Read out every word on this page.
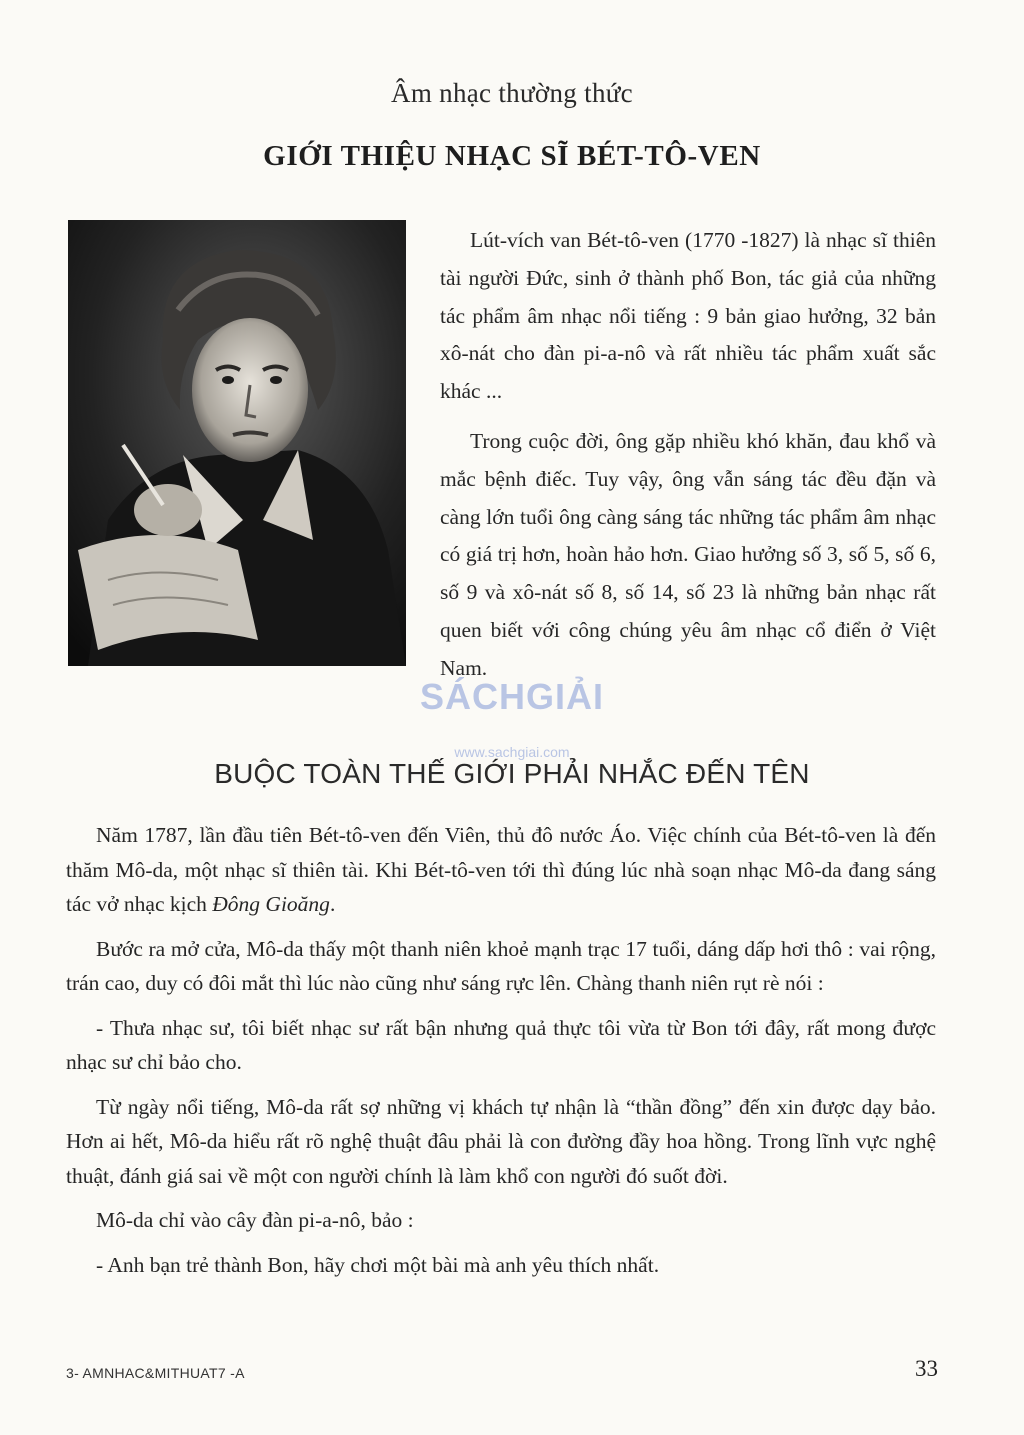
Âm nhạc thường thức
GIỚI THIỆU NHẠC SĨ BÉT-TÔ-VEN

Lút-vích van Bét-tô-ven (1770 -1827) là nhạc sĩ thiên tài người Đức, sinh ở thành phố Bon, tác giả của những tác phẩm âm nhạc nổi tiếng : 9 bản giao hưởng, 32 bản xô-nát cho đàn pi-a-nô và rất nhiều tác phẩm xuất sắc khác ...

Trong cuộc đời, ông gặp nhiều khó khăn, đau khổ và mắc bệnh điếc. Tuy vậy, ông vẫn sáng tác đều đặn và càng lớn tuổi ông càng sáng tác những tác phẩm âm nhạc có giá trị hơn, hoàn hảo hơn. Giao hưởng số 3, số 5, số 6, số 9 và xô-nát số 8, số 14, số 23 là những bản nhạc rất quen biết với công chúng yêu âm nhạc cổ điển ở Việt Nam.

SÁCHGIẢI
www.sachgiai.com
BUỘC TOÀN THẾ GIỚI PHẢI NHẮC ĐẾN TÊN

Năm 1787, lần đầu tiên Bét-tô-ven đến Viên, thủ đô nước Áo. Việc chính của Bét-tô-ven là đến thăm Mô-da, một nhạc sĩ thiên tài. Khi Bét-tô-ven tới thì đúng lúc nhà soạn nhạc Mô-da đang sáng tác vở nhạc kịch Đông Gioăng.

Bước ra mở cửa, Mô-da thấy một thanh niên khoẻ mạnh trạc 17 tuổi, dáng dấp hơi thô : vai rộng, trán cao, duy có đôi mắt thì lúc nào cũng như sáng rực lên. Chàng thanh niên rụt rè nói :

- Thưa nhạc sư, tôi biết nhạc sư rất bận nhưng quả thực tôi vừa từ Bon tới đây, rất mong được nhạc sư chỉ bảo cho.

Từ ngày nổi tiếng, Mô-da rất sợ những vị khách tự nhận là “thần đồng” đến xin được dạy bảo. Hơn ai hết, Mô-da hiểu rất rõ nghệ thuật đâu phải là con đường đầy hoa hồng. Trong lĩnh vực nghệ thuật, đánh giá sai về một con người chính là làm khổ con người đó suốt đời.

Mô-da chỉ vào cây đàn pi-a-nô, bảo :

- Anh bạn trẻ thành Bon, hãy chơi một bài mà anh yêu thích nhất.

3- AMNHAC&MITHUAT7 -A	33
